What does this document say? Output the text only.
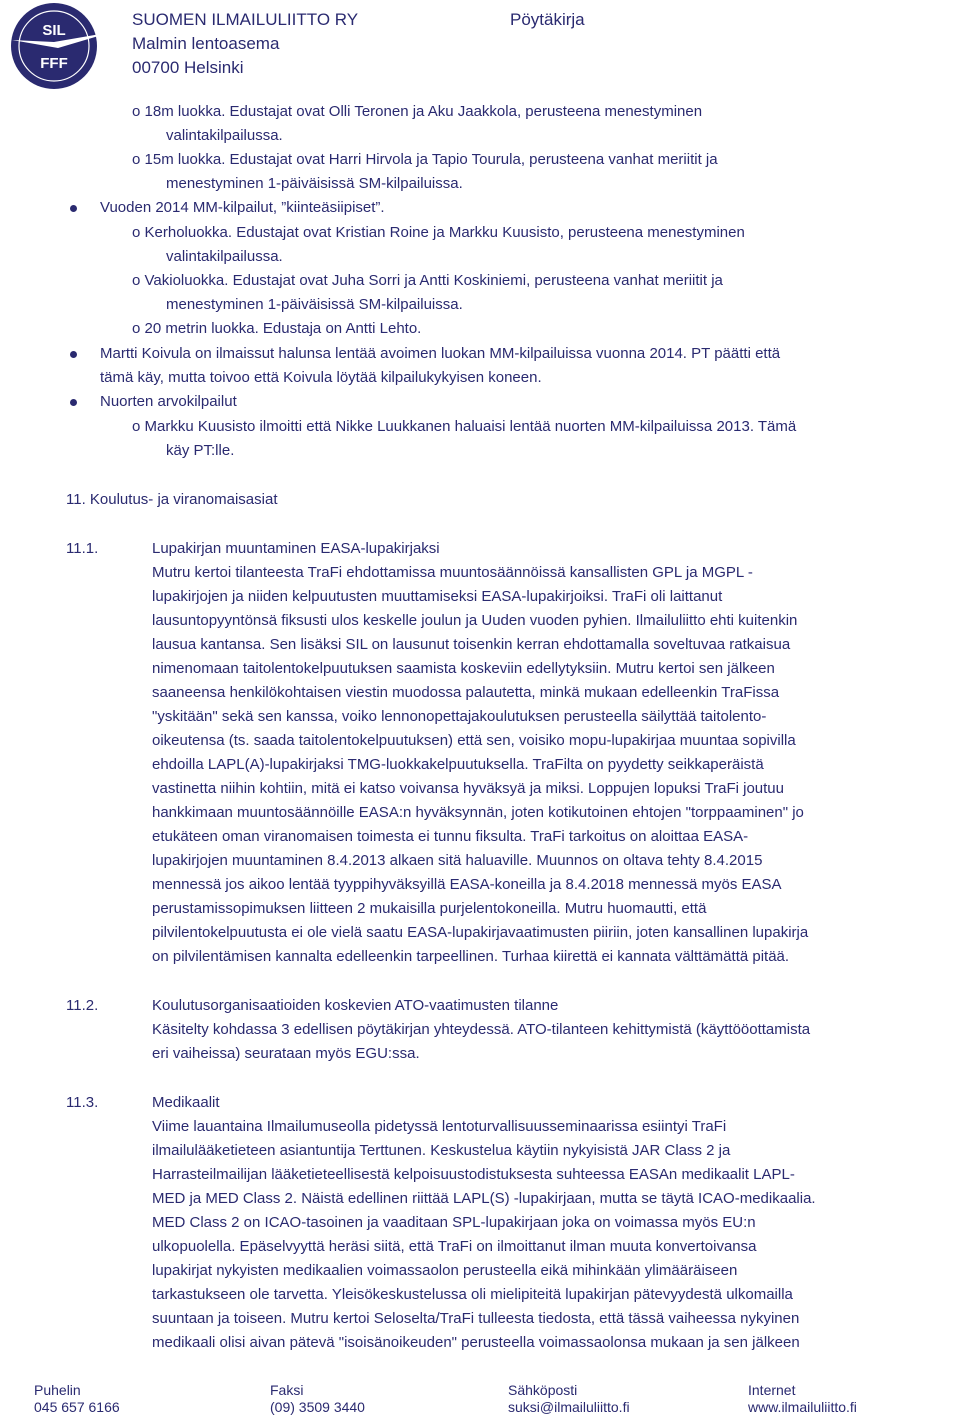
SIL
FFF
SUOMEN ILMAILULIITTO RY
Malmin lentoasema
00700 Helsinki
Pöytäkirja
o 18m luokka. Edustajat ovat Olli Teronen ja Aku Jaakkola, perusteena menestyminen
valintakilpailussa.
o 15m luokka. Edustajat ovat Harri Hirvola ja Tapio Tourula, perusteena vanhat meriitit ja
menestyminen 1-päiväisissä SM-kilpailuissa.
Vuoden 2014 MM-kilpailut, ”kiinteäsiipiset”.
o Kerholuokka. Edustajat ovat Kristian Roine ja Markku Kuusisto, perusteena menestyminen
valintakilpailussa.
o Vakioluokka. Edustajat ovat Juha Sorri ja Antti Koskiniemi, perusteena vanhat meriitit ja
menestyminen 1-päiväisissä SM-kilpailuissa.
o 20 metrin luokka. Edustaja on Antti Lehto.
Martti Koivula on ilmaissut halunsa lentää avoimen luokan MM-kilpailuissa vuonna 2014. PT päätti että
tämä käy, mutta toivoo että Koivula löytää kilpailukykyisen koneen.
Nuorten arvokilpailut
o Markku Kuusisto ilmoitti että Nikke Luukkanen haluaisi lentää nuorten MM-kilpailuissa 2013. Tämä
käy PT:lle.
11. Koulutus- ja viranomaisasiat
11.1.	Lupakirjan muuntaminen EASA-lupakirjaksi
Mutru kertoi tilanteesta TraFi ehdottamissa muuntosäännöissä kansallisten GPL ja MGPL -
lupakirjojen ja niiden kelpuutusten muuttamiseksi EASA-lupakirjoiksi. TraFi oli laittanut
lausuntopyyntönsä fiksusti ulos keskelle joulun ja Uuden vuoden pyhien. Ilmailuliitto ehti kuitenkin
lausua kantansa. Sen lisäksi SIL on lausunut toisenkin kerran ehdottamalla soveltuvaa ratkaisua
nimenomaan taitolentokelpuutuksen saamista koskeviin edellytyksiin. Mutru kertoi sen jälkeen
saaneensa henkilökohtaisen viestin muodossa palautetta, minkä mukaan edelleenkin TraFissa
"yskitään" sekä sen kanssa, voiko lennonopettajakoulutuksen perusteella säilyttää taitolento-
oikeutensa (ts. saada taitolentokelpuutuksen) että sen, voisiko mopu-lupakirjaa muuntaa sopivilla
ehdoilla LAPL(A)-lupakirjaksi TMG-luokkakelpuutuksella. TraFilta on pyydetty seikkaperäistä
vastinetta niihin kohtiin, mitä ei katso voivansa hyväksyä ja miksi. Loppujen lopuksi TraFi joutuu
hankkimaan muuntosäännöille EASA:n hyväksynnän, joten kotikutoinen ehtojen "torppaaminen" jo
etukäteen oman viranomaisen toimesta ei tunnu fiksulta. TraFi tarkoitus on aloittaa EASA-
lupakirjojen muuntaminen 8.4.2013 alkaen sitä haluaville. Muunnos on oltava tehty 8.4.2015
mennessä jos aikoo lentää tyyppihyväksyillä EASA-koneilla ja 8.4.2018 mennessä myös EASA
perustamissopimuksen liitteen 2 mukaisilla purjelentokoneilla. Mutru huomautti, että
pilvilentokelpuutusta ei ole vielä saatu EASA-lupakirjavaatimusten piiriin, joten kansallinen lupakirja
on pilvilentämisen kannalta edelleenkin tarpeellinen. Turhaa kiirettä ei kannata välttämättä pitää.
11.2.	Koulutusorganisaatioiden koskevien ATO-vaatimusten tilanne
Käsitelty kohdassa 3 edellisen pöytäkirjan yhteydessä. ATO-tilanteen kehittymistä (käyttööottamista
eri vaiheissa) seurataan myös EGU:ssa.
11.3.	Medikaalit
Viime lauantaina Ilmailumuseolla pidetyssä lentoturvallisuusseminaarissa esiintyi TraFi
ilmailulääketieteen asiantuntija Terttunen. Keskustelua käytiin nykyisistä JAR Class 2 ja
Harrasteilmailijan lääketieteellisestä kelpoisuustodistuksesta suhteessa EASAn medikaalit LAPL-
MED ja MED Class 2. Näistä edellinen riittää LAPL(S) -lupakirjaan, mutta se täytä ICAO-medikaalia.
MED Class 2 on ICAO-tasoinen ja vaaditaan SPL-lupakirjaan joka on voimassa myös EU:n
ulkopuolella. Epäselvyyttä heräsi siitä, että TraFi on ilmoittanut ilman muuta konvertoivansa
lupakirjat nykyisten medikaalien voimassaolon perusteella eikä mihinkään ylimääräiseen
tarkastukseen ole tarvetta. Yleisökeskustelussa oli mielipiteitä lupakirjan pätevyydestä ulkomailla
suuntaan ja toiseen. Mutru kertoi Seloselta/TraFi tulleesta tiedosta, että tässä vaiheessa nykyinen
medikaali olisi aivan pätevä "isoisänoikeuden" perusteella voimassaolonsa mukaan ja sen jälkeen
Puhelin
045 657 6166
Faksi
(09) 3509 3440
Sähköposti
suksi@ilmailuliitto.fi
Internet
www.ilmailuliitto.fi
